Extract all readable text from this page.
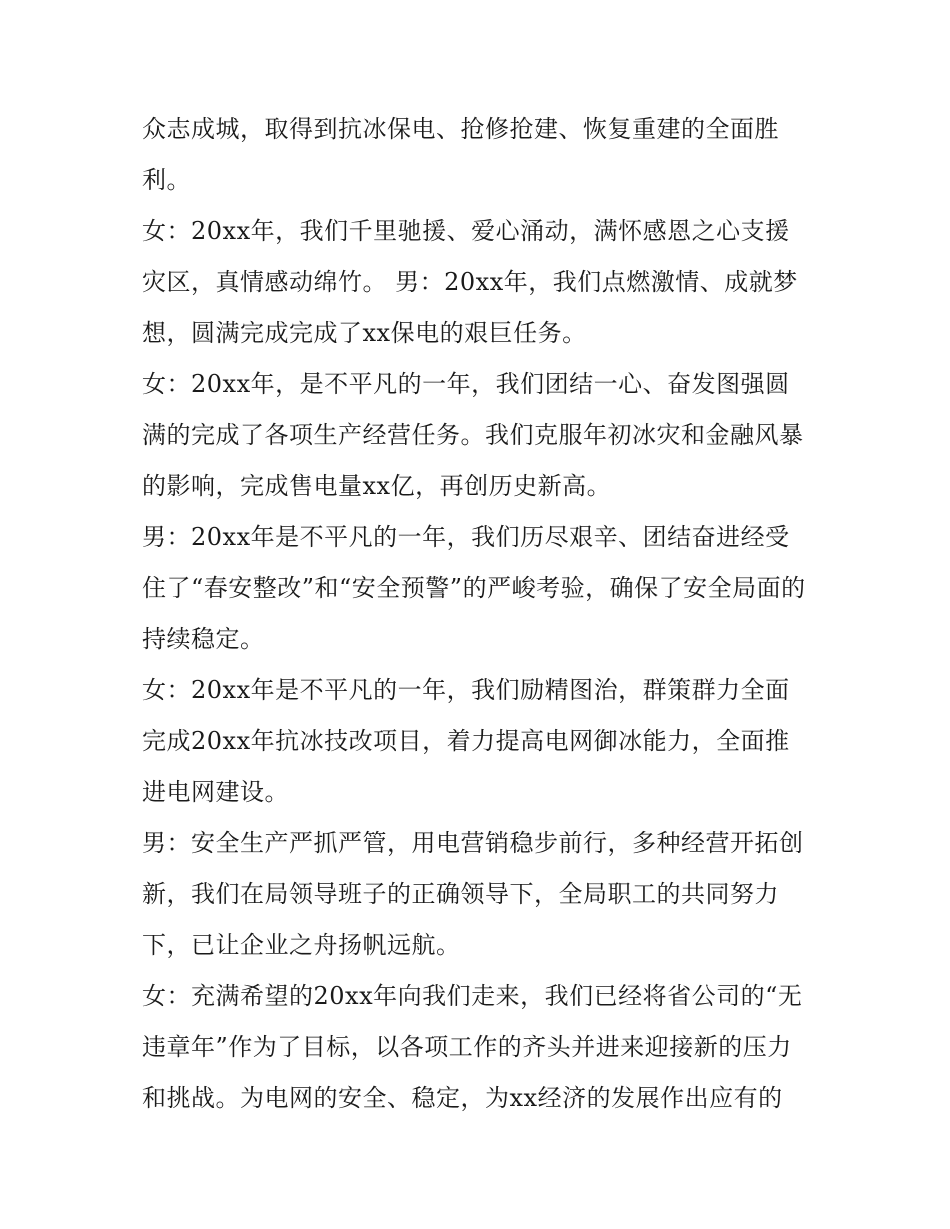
众志成城，取得到抗冰保电、抢修抢建、恢复重建的全面胜利。

女：20xx年，我们千里驰援、爱心涌动，满怀感恩之心支援灾区，真情感动绵竹。 男：20xx年，我们点燃激情、成就梦想，圆满完成完成了xx保电的艰巨任务。

女：20xx年，是不平凡的一年，我们团结一心、奋发图强圆满的完成了各项生产经营任务。我们克服年初冰灾和金融风暴的影响，完成售电量xx亿，再创历史新高。

男：20xx年是不平凡的一年，我们历尽艰辛、团结奋进经受住了“春安整改”和“安全预警”的严峻考验，确保了安全局面的持续稳定。

女：20xx年是不平凡的一年，我们励精图治，群策群力全面完成20xx年抗冰技改项目，着力提高电网御冰能力，全面推进电网建设。

男：安全生产严抓严管，用电营销稳步前行，多种经营开拓创新，我们在局领导班子的正确领导下，全局职工的共同努力下，已让企业之舟扬帆远航。

女：充满希望的20xx年向我们走来，我们已经将省公司的“无违章年”作为了目标，以各项工作的齐头并进来迎接新的压力和挑战。为电网的安全、稳定，为xx经济的发展作出应有的
